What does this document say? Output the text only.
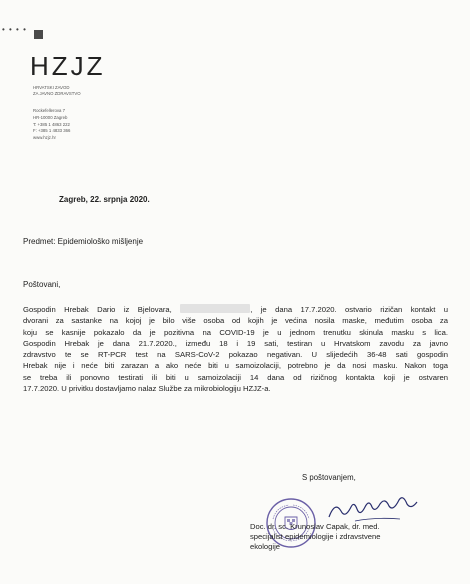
• • • •
HZJZ
HRVATSKI ZAVOD
ZA JAVNO ZDRAVSTVO
Rockefellerova 7
HR-10000 Zagreb
T: +385 1 4863 222
F: +385 1 4833 366
www.hzjz.hr
Zagreb, 22. srpnja 2020.
Predmet: Epidemiološko mišljenje
Poštovani,
Gospodin Hrebak Dario iz Bjelovara,	, je dana 17.7.2020. ostvario rizičan kontakt u
dvorani za sastanke na kojoj je bilo više osoba od kojih je većina nosila maske, međutim osoba za
koju se kasnije pokazalo da je pozitivna na COVID-19 je u jednom trenutku skinula masku s lica.
Gospodin Hrebak je dana 21.7.2020., između 18 i 19 sati, testiran u Hrvatskom zavodu za javno
zdravstvo te se RT-PCR test na SARS-CoV-2 pokazao negativan. U slijedećih 36-48 sati gospodin
Hrebak nije i neće biti zarazan a ako neće biti u samoizolaciji, potrebno je da nosi masku. Nakon toga
se treba ili ponovno testirati ili biti u samoizolaciji 14 dana od rizičnog kontakta koji je ostvaren
17.7.2020. U privitku dostavljamo nalaz Službe za mikrobiologiju HZJZ-a.
S poštovanjem,
Doc. dr. sc. Krunoslav Capak, dr. med.
specijalist epidemiologije i zdravstvene
ekologije
